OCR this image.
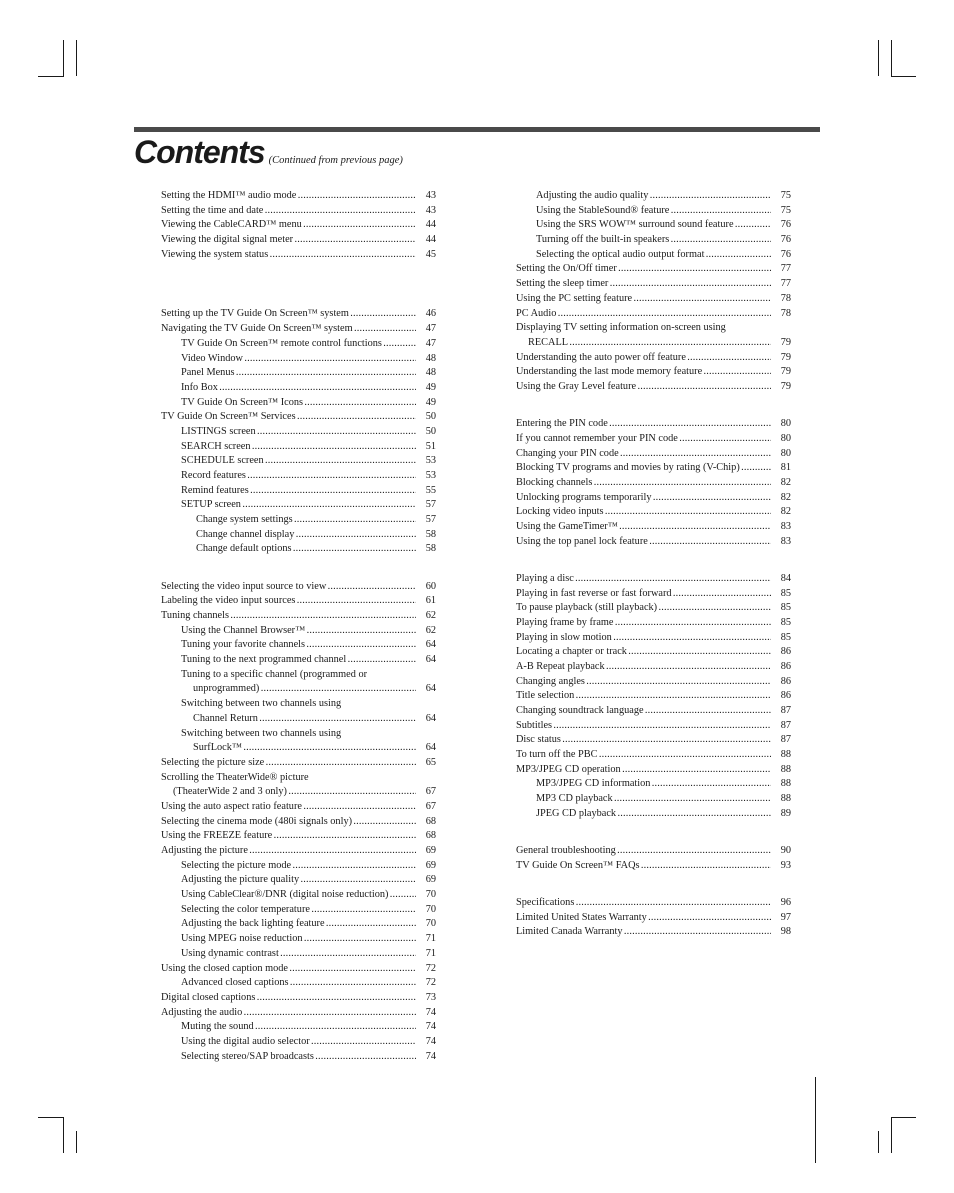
Contents (Continued from previous page)
Setting the HDMI™ audio mode . . .	43
Setting the time and date . . .	43
Viewing the CableCARD™ menu . . .	44
Viewing the digital signal meter . . .	44
Viewing the system status . . .	45
Setting up the TV Guide On Screen™ system . . .	46
Navigating the TV Guide On Screen™ system . . .	47
TV Guide On Screen™ remote control functions . . .	47
Video Window . . .	48
Panel Menus . . .	48
Info Box . . .	49
TV Guide On Screen™ Icons . . .	49
TV Guide On Screen™ Services . . .	50
LISTINGS screen . . .	50
SEARCH screen . . .	51
SCHEDULE screen . . .	53
Record features . . .	53
Remind features . . .	55
SETUP screen . . .	57
Change system settings . . .	57
Change channel display . . .	58
Change default options . . .	58
Selecting the video input source to view . . .	60
Labeling the video input sources . . .	61
Tuning channels . . .	62
Using the Channel Browser™ . . .	62
Tuning your favorite channels . . .	64
Tuning to the next programmed channel . . .	64
Tuning to a specific channel (programmed or
unprogrammed) . . .	64
Switching between two channels using
Channel Return . . .	64
Switching between two channels using
SurfLock™ . . .	64
Selecting the picture size . . .	65
Scrolling the TheaterWide® picture
(TheaterWide 2 and 3 only) . . .	67
Using the auto aspect ratio feature . . .	67
Selecting the cinema mode (480i signals only) . . .	68
Using the FREEZE feature . . .	68
Adjusting the picture . . .	69
Selecting the picture mode . . .	69
Adjusting the picture quality . . .	69
Using CableClear®/DNR (digital noise reduction) . . .	70
Selecting the color temperature . . .	70
Adjusting the back lighting feature . . .	70
Using MPEG noise reduction . . .	71
Using dynamic contrast . . .	71
Using the closed caption mode . . .	72
Advanced closed captions . . .	72
Digital closed captions . . .	73
Adjusting the audio . . .	74
Muting the sound . . .	74
Using the digital audio selector . . .	74
Selecting stereo/SAP broadcasts . . .	74
Adjusting the audio quality . . .	75
Using the StableSound® feature . . .	75
Using the SRS WOW™ surround sound feature . . .	76
Turning off the built-in speakers . . .	76
Selecting the optical audio output format . . .	76
Setting the On/Off timer . . .	77
Setting the sleep timer . . .	77
Using the PC setting feature . . .	78
PC Audio . . .	78
Displaying TV setting information on-screen using
RECALL . . .	79
Understanding the auto power off feature . . .	79
Understanding the last mode memory feature . . .	79
Using the Gray Level feature . . .	79
Entering the PIN code . . .	80
If you cannot remember your PIN code . . .	80
Changing your PIN code . . .	80
Blocking TV programs and movies by rating (V-Chip) . . .	81
Blocking channels . . .	82
Unlocking programs temporarily . . .	82
Locking video inputs . . .	82
Using the GameTimer™ . . .	83
Using the top panel lock feature . . .	83
Playing a disc . . .	84
Playing in fast reverse or fast forward . . .	85
To pause playback (still playback) . . .	85
Playing frame by frame . . .	85
Playing in slow motion . . .	85
Locating a chapter or track . . .	86
A-B Repeat playback . . .	86
Changing angles . . .	86
Title selection . . .	86
Changing soundtrack language . . .	87
Subtitles . . .	87
Disc status . . .	87
To turn off the PBC . . .	88
MP3/JPEG CD operation . . .	88
MP3/JPEG CD information . . .	88
MP3 CD playback . . .	88
JPEG CD playback . . .	89
General troubleshooting . . .	90
TV Guide On Screen™ FAQs . . .	93
Specifications . . .	96
Limited United States Warranty . . .	97
Limited Canada Warranty . . .	98
